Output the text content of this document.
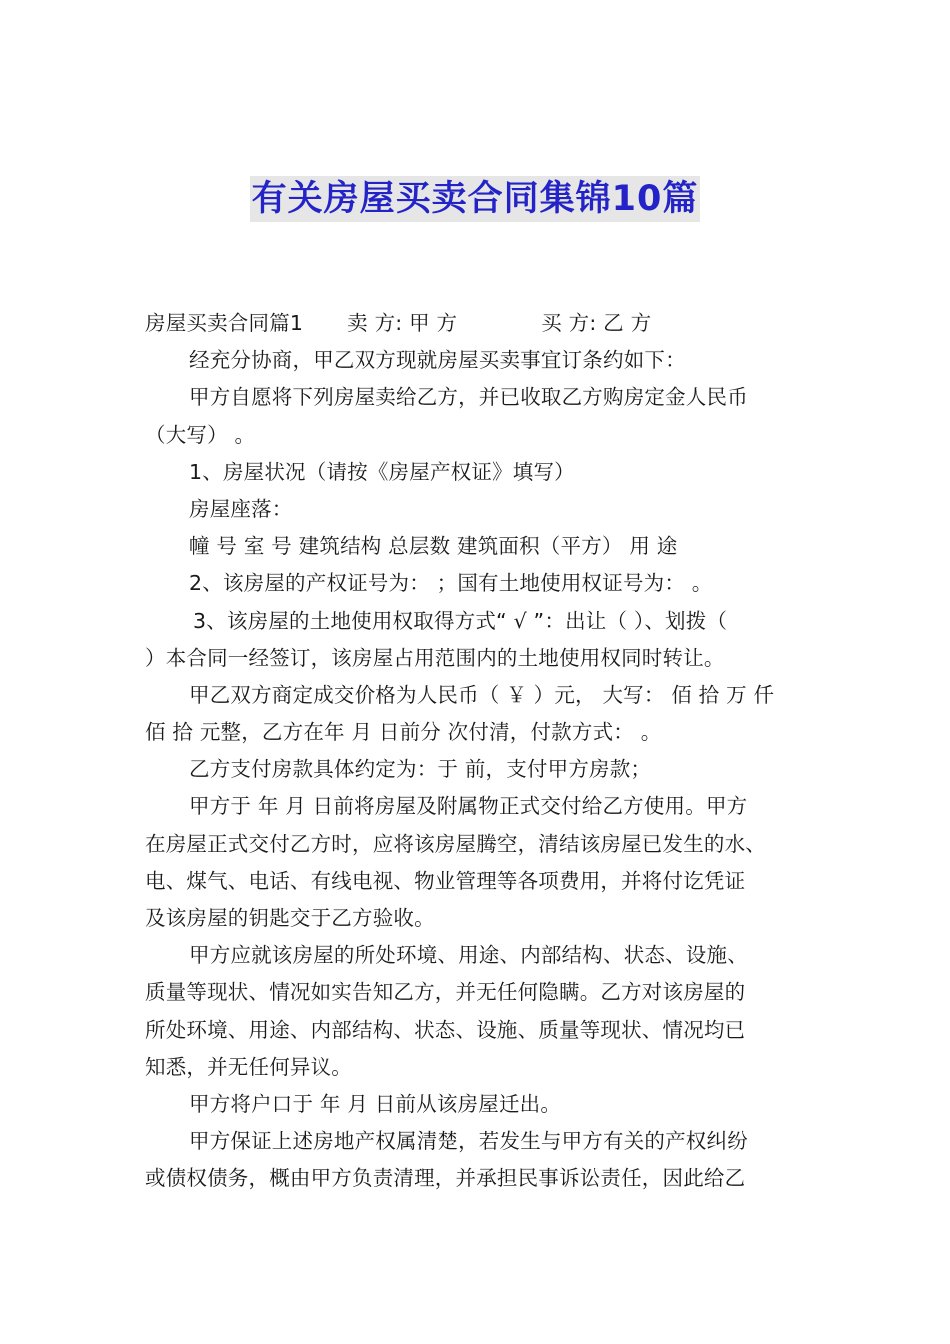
有关房屋买卖合同集锦10篇
房屋买卖合同篇1 卖 方: 甲 方	买 方: 乙 方
经充分协商，甲乙双方现就房屋买卖事宜订条约如下：
甲方自愿将下列房屋卖给乙方，并已收取乙方购房定金人民币
（大写） 。
1、房屋状况（请按《房屋产权证》填写）
房屋座落：
幢 号 室 号 建筑结构 总层数 建筑面积（平方） 用 途
2、该房屋的产权证号为： ；国有土地使用权证号为： 。
3、该房屋的土地使用权取得方式“ √ ”：出让（ ）、划拨（
）本合同一经签订，该房屋占用范围内的土地使用权同时转让。
甲乙双方商定成交价格为人民币（ ￥ ）元， 大写： 佰 拾 万 仟
佰 拾 元整，乙方在年 月 日前分 次付清，付款方式： 。
乙方支付房款具体约定为：于 前，支付甲方房款；
甲方于 年 月 日前将房屋及附属物正式交付给乙方使用。甲方
在房屋正式交付乙方时，应将该房屋腾空，清结该房屋已发生的水、
电、煤气、电话、有线电视、物业管理等各项费用，并将付讫凭证
及该房屋的钥匙交于乙方验收。
甲方应就该房屋的所处环境、用途、内部结构、状态、设施、
质量等现状、情况如实告知乙方，并无任何隐瞒。乙方对该房屋的
所处环境、用途、内部结构、状态、设施、质量等现状、情况均已
知悉，并无任何异议。
甲方将户口于 年 月 日前从该房屋迁出。
甲方保证上述房地产权属清楚，若发生与甲方有关的产权纠纷
或债权债务，概由甲方负责清理，并承担民事诉讼责任，因此给乙
